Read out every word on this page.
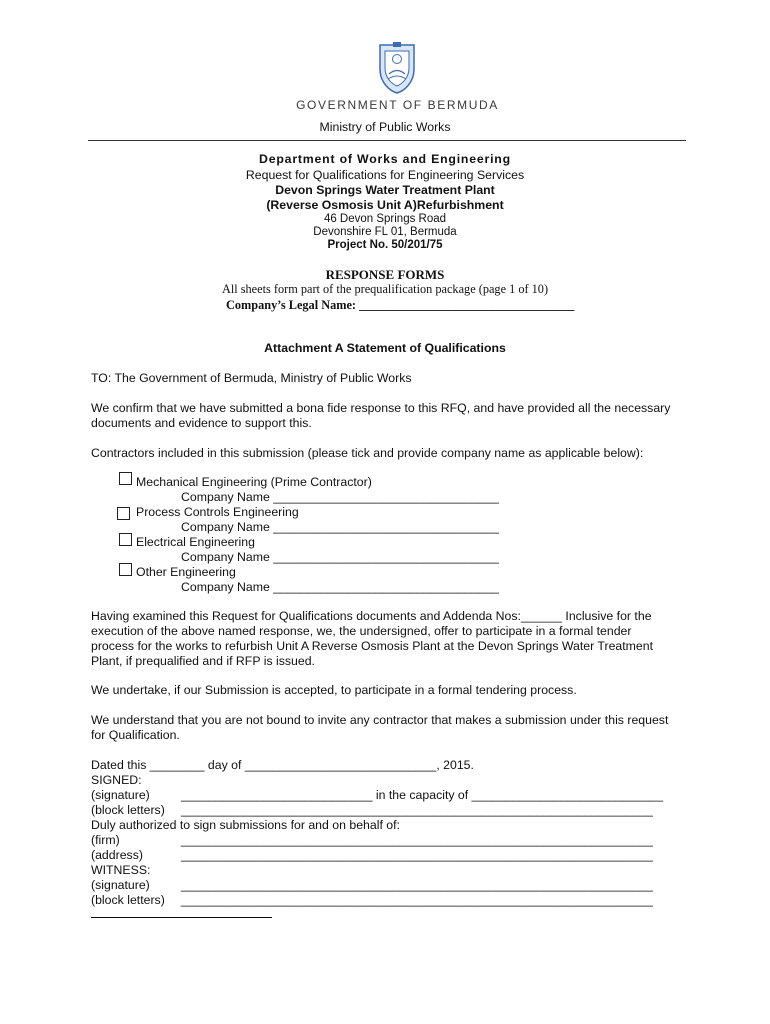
GOVERNMENT OF BERMUDA
Ministry of Public Works
Department of Works and Engineering
Request for Qualifications for Engineering Services
Devon Springs Water Treatment Plant
(Reverse Osmosis Unit A)Refurbishment
46 Devon Springs Road
Devonshire FL 01, Bermuda
Project No. 50/201/75
RESPONSE FORMS
All sheets form part of the prequalification package (page 1 of 10)
Company’s Legal Name: ___________________________________
Attachment A Statement of Qualifications
TO: The Government of Bermuda, Ministry of Public Works
We confirm that we have submitted a bona fide response to this RFQ, and have provided all the necessary
documents and evidence to support this.
Contractors included in this submission (please tick and provide company name as applicable below):
Mechanical Engineering (Prime Contractor)
Company Name _________________________________
Process Controls Engineering
Company Name _________________________________
Electrical Engineering
Company Name _________________________________
Other Engineering
Company Name _________________________________
Having examined this Request for Qualifications documents and Addenda Nos:______ Inclusive for the
execution of the above named response, we, the undersigned, offer to participate in a formal tender
process for the works to refurbish Unit A Reverse Osmosis Plant at the Devon Springs Water Treatment
Plant, if prequalified and if RFP is issued.
We undertake, if our Submission is accepted, to participate in a formal tendering process.
We understand that you are not bound to invite any contractor that makes a submission under this request
for Qualification.
Dated this ________ day of ____________________________, 2015.
SIGNED:
(signature)	____________________________ in the capacity of ____________________________
(block letters) _____________________________________________________________________
Duly authorized to sign submissions for and on behalf of:
(firm)	_____________________________________________________________________
(address)	_____________________________________________________________________
WITNESS:
(signature)	_____________________________________________________________________
(block letters) _____________________________________________________________________
